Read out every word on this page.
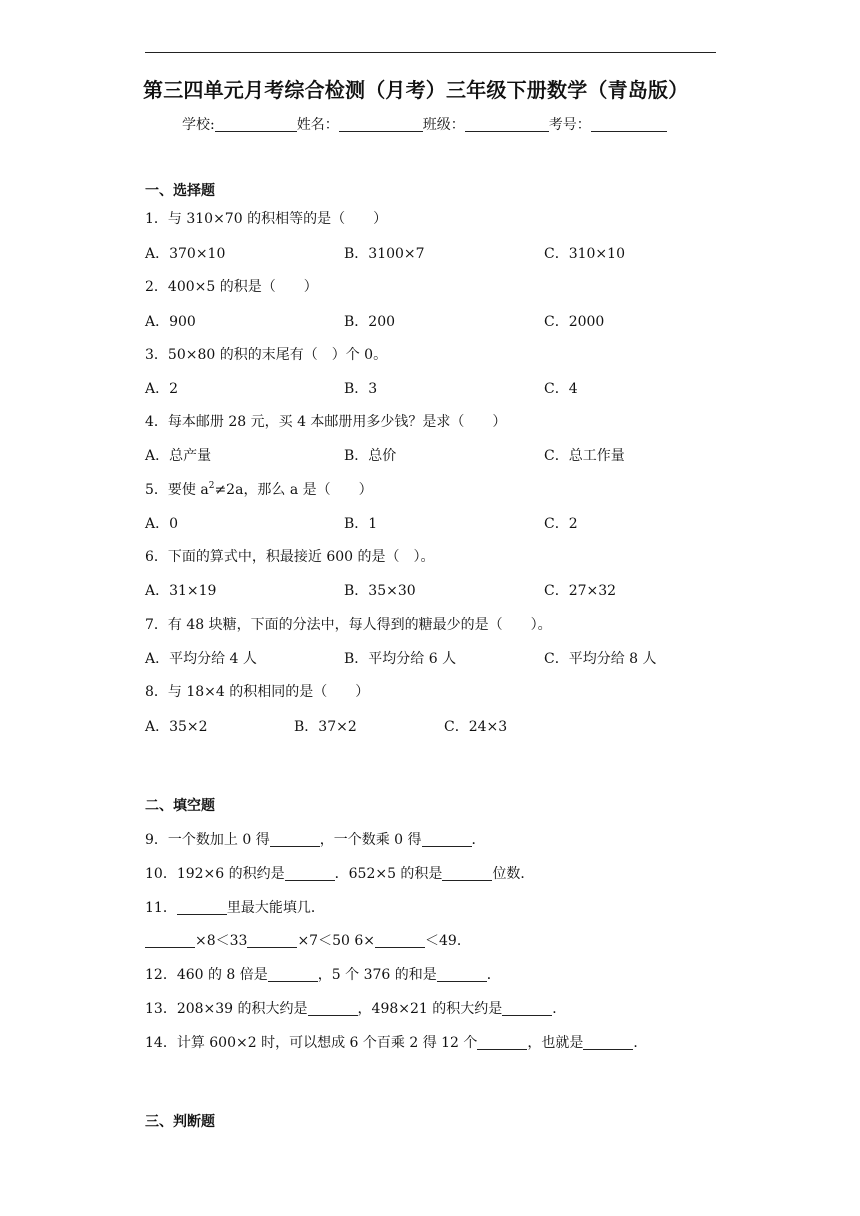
第三四单元月考综合检测（月考）三年级下册数学（青岛版）
学校:	姓名：	班级：	考号：
一、选择题
1．与 310×70 的积相等的是（　　）
A．370×10	B．3100×7	C．310×10
2．400×5 的积是（　　）
A．900	B．200	C．2000
3．50×80 的积的末尾有（　）个 0。
A．2	B．3	C．4
4．每本邮册 28 元，买 4 本邮册用多少钱？是求（　　）
A．总产量	B．总价	C．总工作量
5．要使 $a^2\ne 2a$，那么 a 是（　　）
A．0	B．1	C．2
6．下面的算式中，积最接近 600 的是（　）。
A．31×19	B．35×30	C．27×32
7．有 48 块糖，下面的分法中，每人得到的糖最少的是（　　）。
A．平均分给 4 人	B．平均分给 6 人	C．平均分给 8 人
8．与 18×4 的积相同的是（　　）
A．35×2	B．37×2	C．24×3
二、填空题
9．一个数加上 0 得	，一个数乘 0 得	．
10．192×6 的积约是	．652×5 的积是	位数．
11．	里最大能填几．
×8＜33	×7＜50 6×	＜49．
12．460 的 8 倍是	，5 个 376 的和是	．
13．208×39 的积大约是	，498×21 的积大约是	．
14．计算 600×2 时，可以想成 6 个百乘 2 得 12 个	，也就是	．
三、判断题
